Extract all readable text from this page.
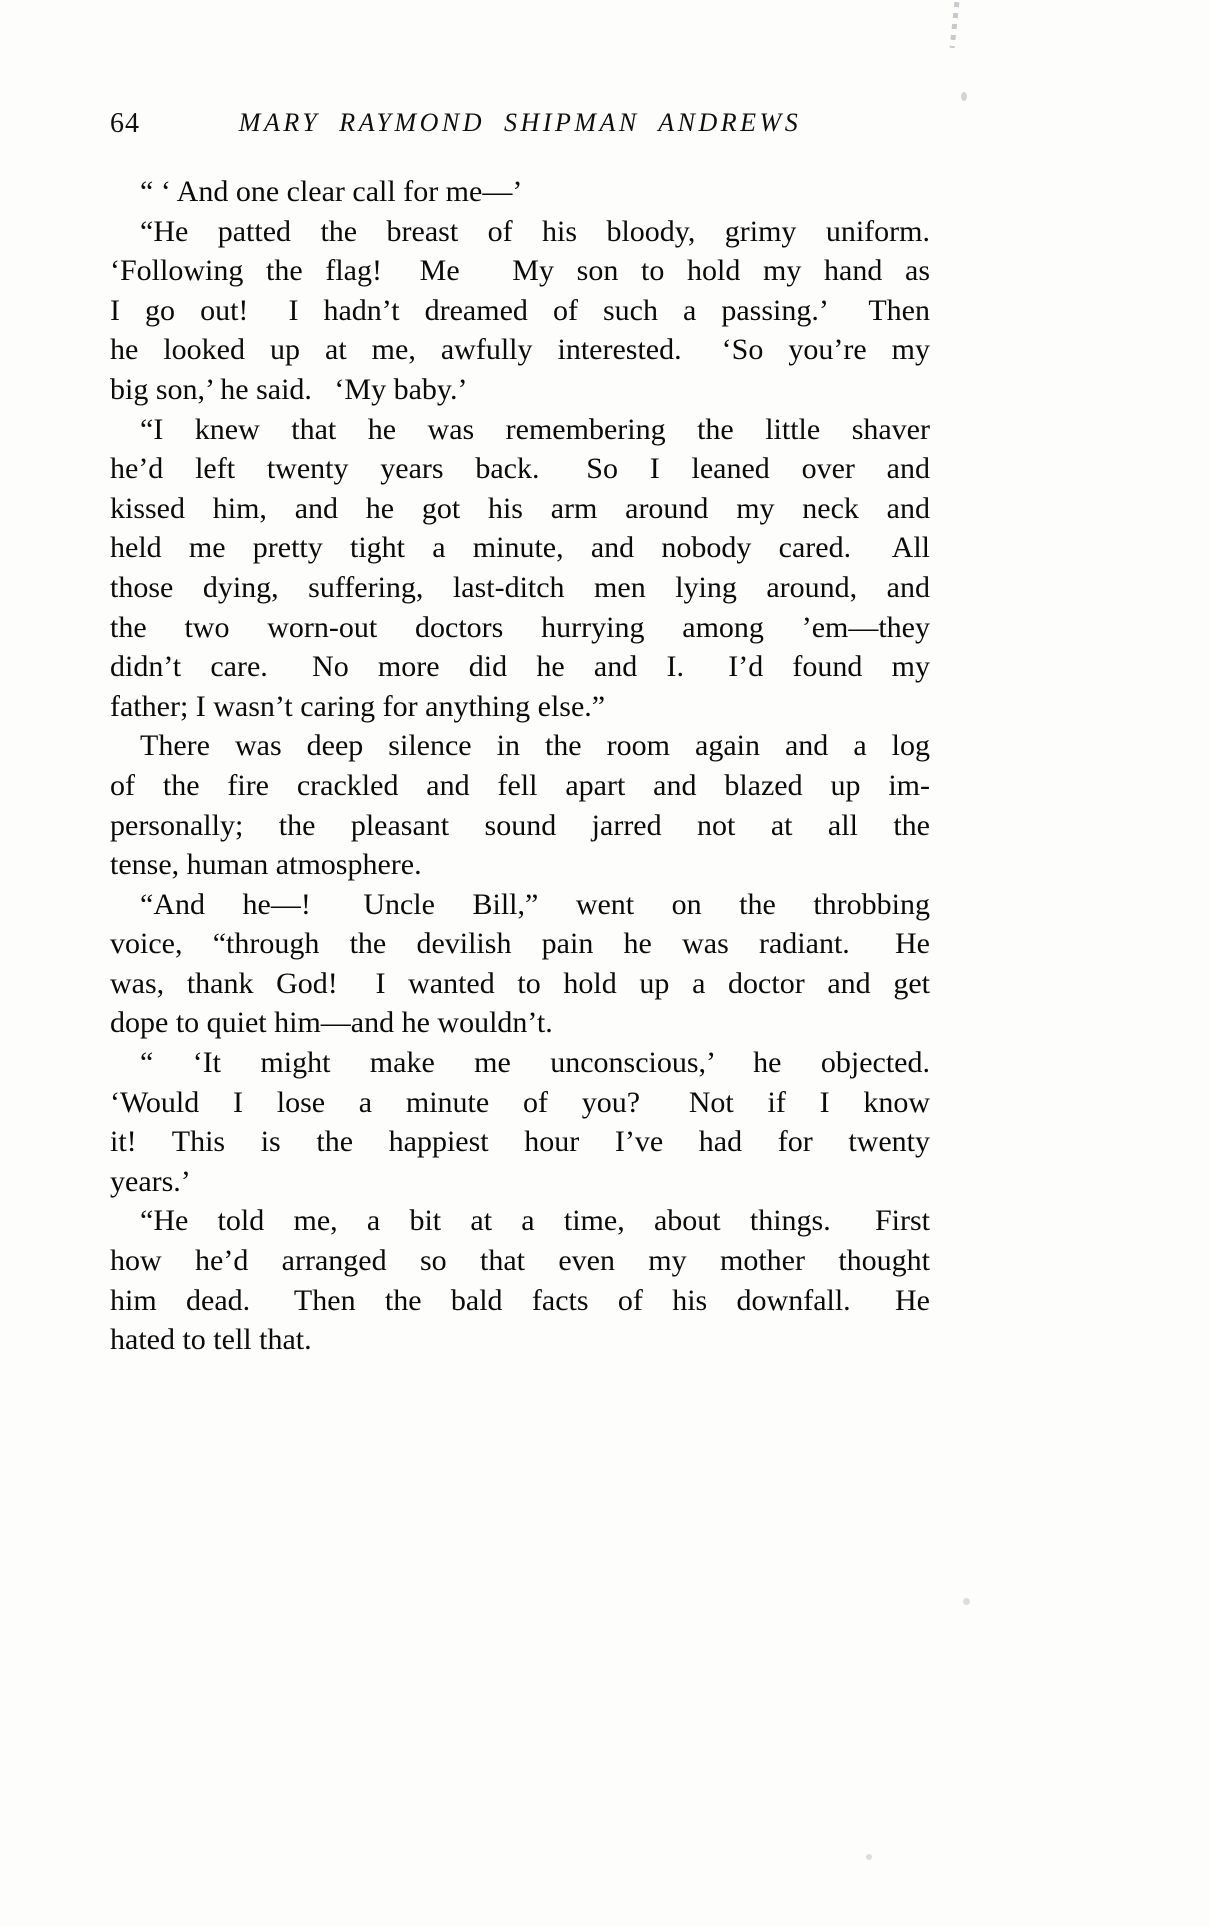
64	MARY RAYMOND SHIPMAN ANDREWS
“ ‘ And one clear call for me—’
“He patted the breast of his bloody, grimy uniform.
‘Following the flag!  Me  My son to hold my hand as
I go out!  I hadn’t dreamed of such a passing.’  Then
he looked up at me, awfully interested.  ‘So you’re my
big son,’ he said.  ‘My baby.’
“I knew that he was remembering the little shaver
he’d left twenty years back.  So I leaned over and
kissed him, and he got his arm around my neck and
held me pretty tight a minute, and nobody cared.  All
those dying, suffering, last-ditch men lying around, and
the two worn-out doctors hurrying among ’em—they
didn’t care.  No more did he and I.  I’d found my
father; I wasn’t caring for anything else.”
There was deep silence in the room again and a log
of the fire crackled and fell apart and blazed up im-
personally; the pleasant sound jarred not at all the
tense, human atmosphere.
“And he—!  Uncle Bill,” went on the throbbing
voice, “through the devilish pain he was radiant.  He
was, thank God!  I wanted to hold up a doctor and get
dope to quiet him—and he wouldn’t.
“ ‘It might make me unconscious,’ he objected.
‘Would I lose a minute of you?  Not if I know
it! This is the happiest hour I’ve had for twenty
years.’
“He told me, a bit at a time, about things.  First
how he’d arranged so that even my mother thought
him dead.  Then the bald facts of his downfall.  He
hated to tell that.
